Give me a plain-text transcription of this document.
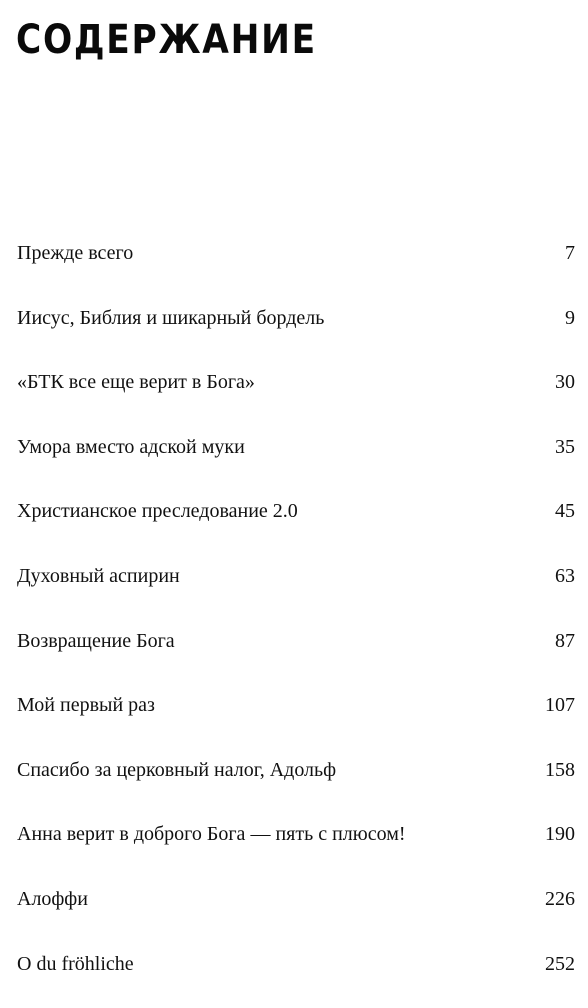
СОДЕРЖАНИЕ
Прежде всего	7
Иисус, Библия и шикарный бордель	9
«БТК все еще верит в Бога»	30
Умора вместо адской муки	35
Христианское преследование 2.0	45
Духовный аспирин	63
Возвращение Бога	87
Мой первый раз	107
Спасибо за церковный налог, Адольф	158
Анна верит в доброго Бога — пять с плюсом!	190
Алоффи	226
O du fröhliche	252
